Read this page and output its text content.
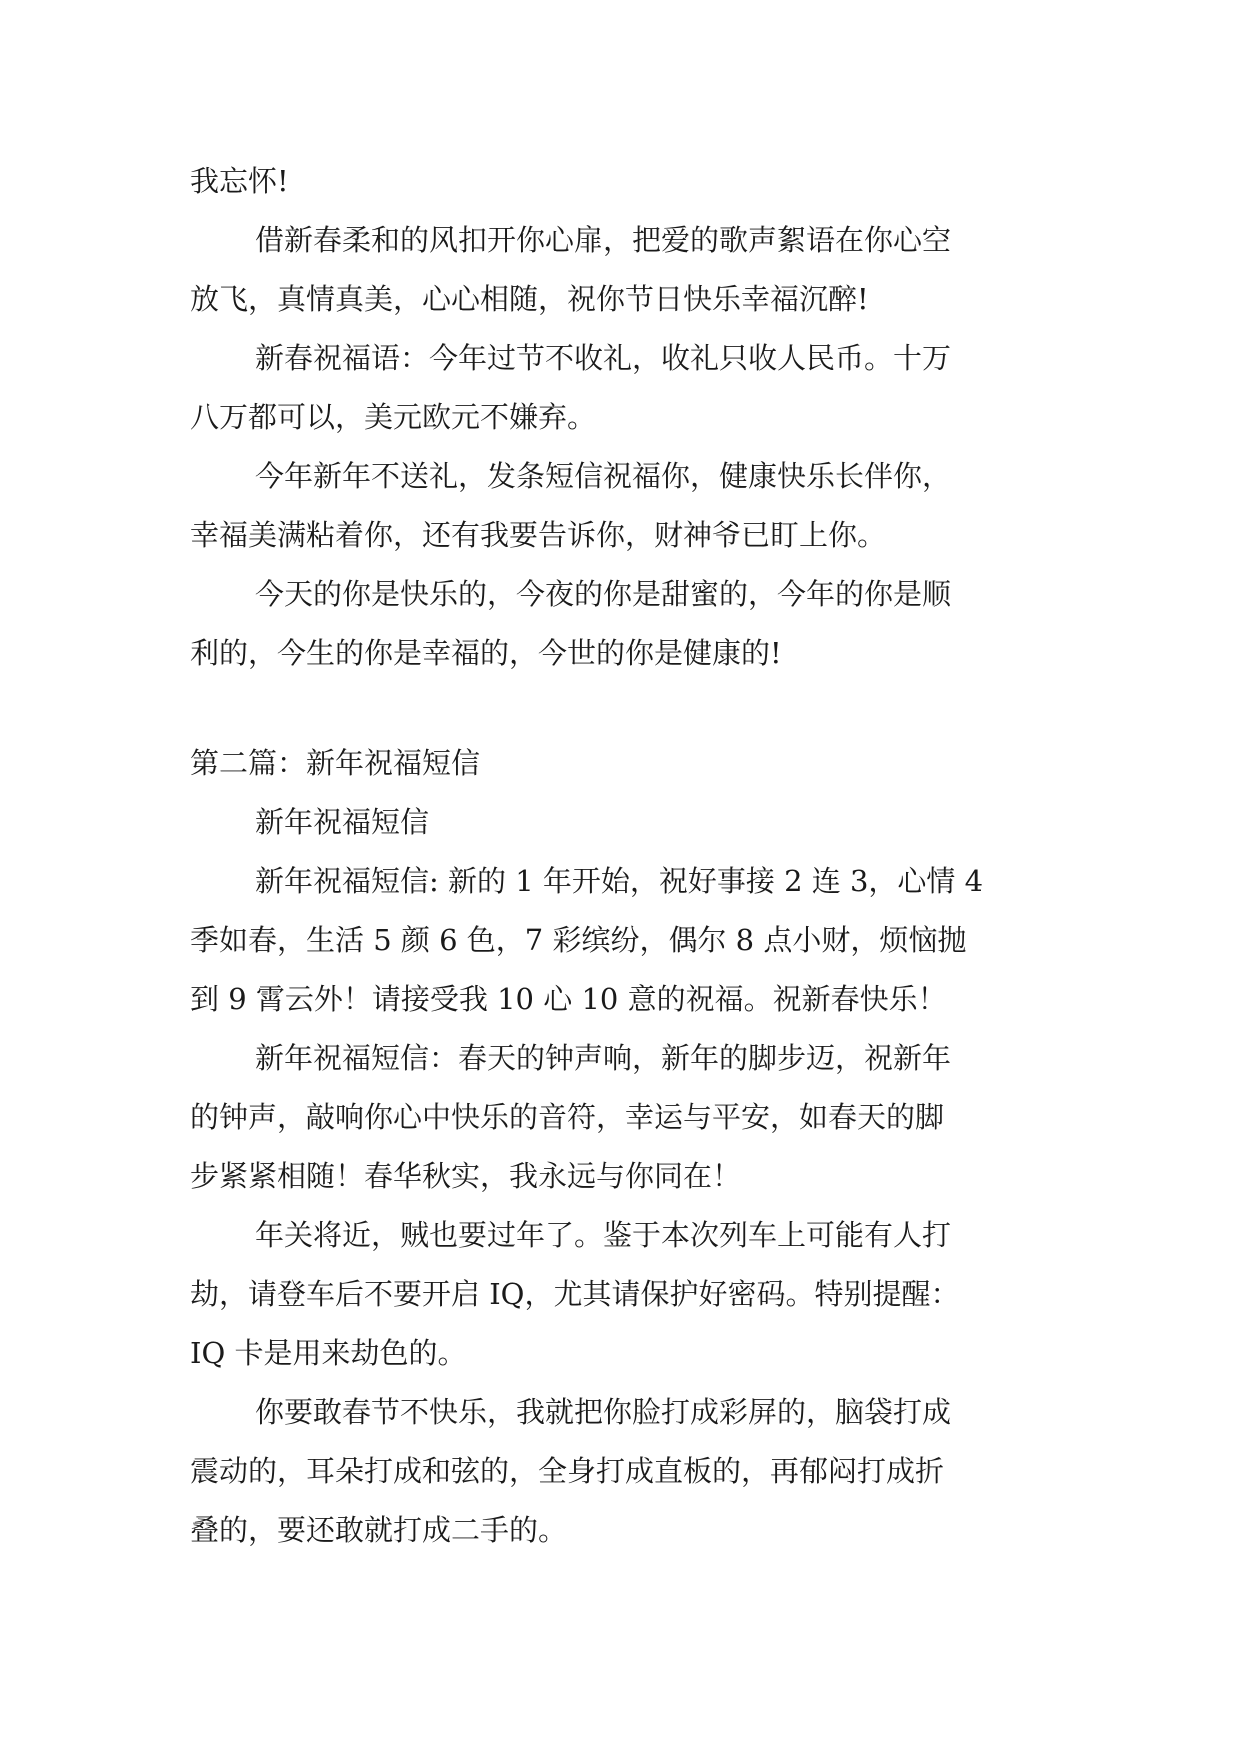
我忘怀!

借新春柔和的风扣开你心扉，把爱的歌声絮语在你心空

放飞，真情真美，心心相随，祝你节日快乐幸福沉醉!

新春祝福语：今年过节不收礼，收礼只收人民币。十万

八万都可以，美元欧元不嫌弃。

今年新年不送礼，发条短信祝福你，健康快乐长伴你，

幸福美满粘着你，还有我要告诉你，财神爷已盯上你。

今天的你是快乐的，今夜的你是甜蜜的，今年的你是顺

利的，今生的你是幸福的，今世的你是健康的!

第二篇：新年祝福短信

新年祝福短信

新年祝福短信: 新的 1 年开始，祝好事接 2 连 3，心情 4

季如春，生活 5 颜 6 色，7 彩缤纷，偶尔 8 点小财，烦恼抛

到 9 霄云外！请接受我 10 心 10 意的祝福。祝新春快乐！

新年祝福短信：春天的钟声响，新年的脚步迈，祝新年

的钟声，敲响你心中快乐的音符，幸运与平安，如春天的脚

步紧紧相随！春华秋实，我永远与你同在！

年关将近，贼也要过年了。鉴于本次列车上可能有人打

劫，请登车后不要开启 IQ，尤其请保护好密码。特别提醒：

IQ 卡是用来劫色的。

你要敢春节不快乐，我就把你脸打成彩屏的，脑袋打成

震动的，耳朵打成和弦的，全身打成直板的，再郁闷打成折

叠的，要还敢就打成二手的。
